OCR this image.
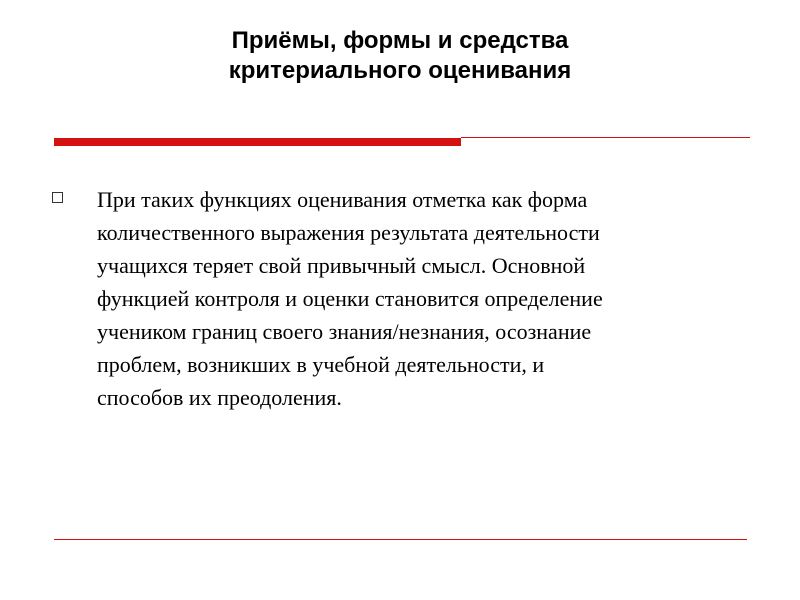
Приёмы, формы и средства
критериального оценивания
При таких функциях оценивания отметка как форма
количественного выражения результата деятельности
учащихся теряет свой привычный смысл. Основной
функцией контроля и оценки становится определение
учеником границ своего знания/незнания, осознание
проблем, возникших в учебной деятельности, и
способов их преодоления.
